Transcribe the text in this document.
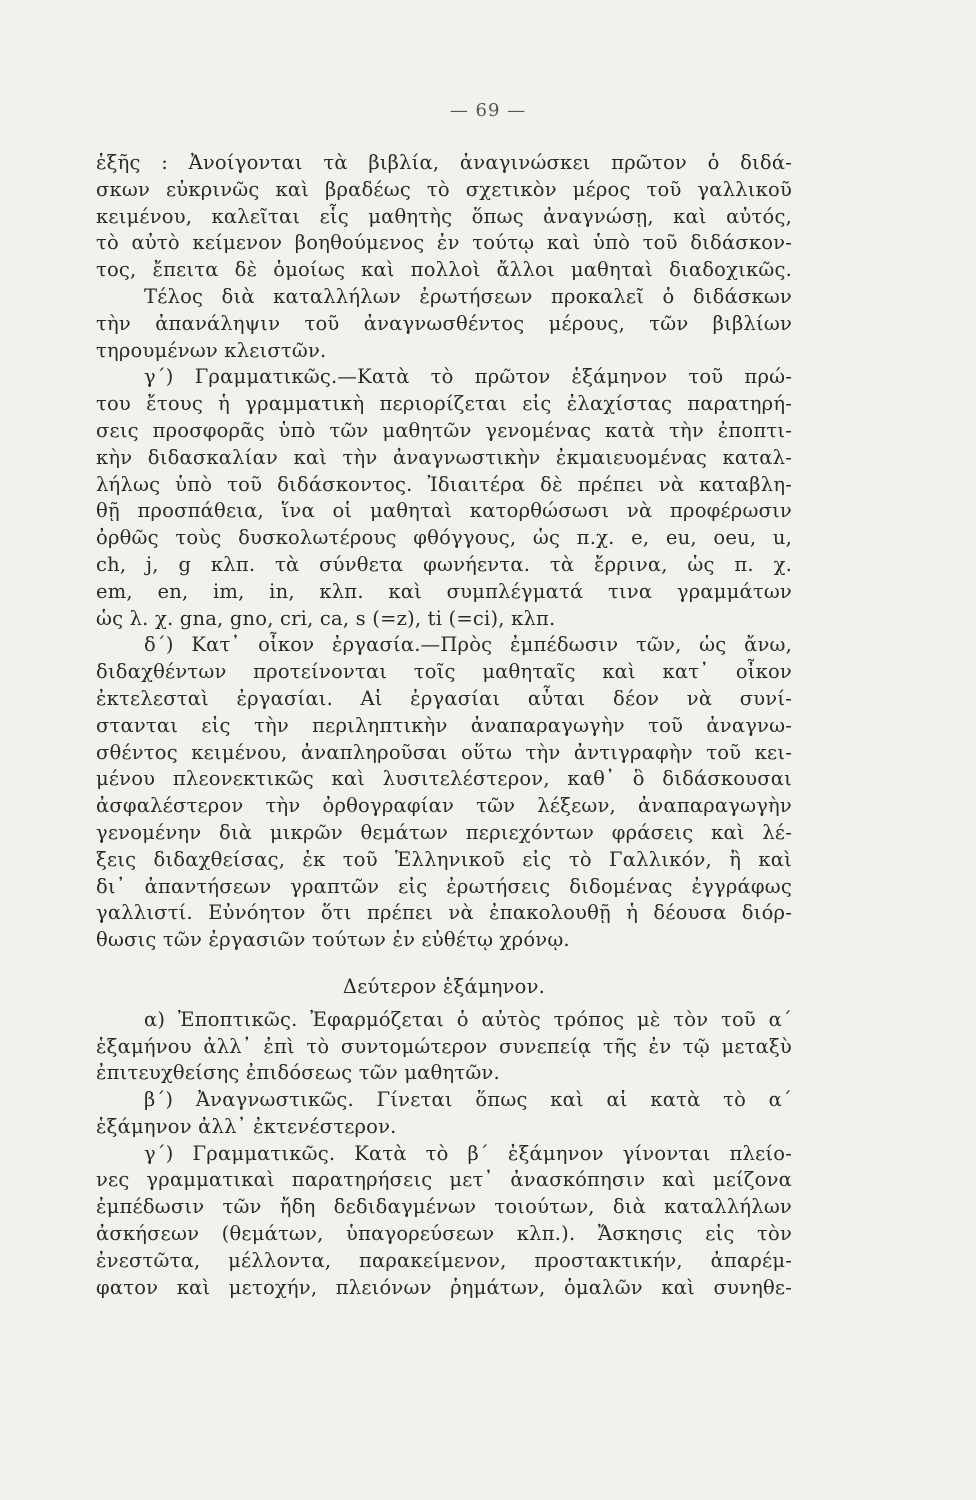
— 69 —
ἑξῆς : Ἀνοίγονται τὰ βιβλία, ἀναγινώσκει πρῶτον ὁ διδά-
σκων εὐκρινῶς καὶ βραδέως τὸ σχετικὸν μέρος τοῦ γαλλικοῦ
κειμένου, καλεῖται εἷς μαθητὴς ὅπως ἀναγνώσῃ, καὶ αὐτός,
τὸ αὐτὸ κείμενον βοηθούμενος ἐν τούτῳ καὶ ὑπὸ τοῦ διδάσκον-
τος, ἔπειτα δὲ ὁμοίως καὶ πολλοὶ ἄλλοι μαθηταὶ διαδοχικῶς.
Τέλος διὰ καταλλήλων ἐρωτήσεων προκαλεῖ ὁ διδάσκων
τὴν ἀπανάληψιν τοῦ ἀναγνωσθέντος μέρους, τῶν βιβλίων
τηρουμένων κλειστῶν.
γ΄) Γραμματικῶς.—Κατὰ τὸ πρῶτον ἑξάμηνον τοῦ πρώ-
του ἔτους ἡ γραμματικὴ περιορίζεται εἰς ἐλαχίστας παρατηρή-
σεις προσφορᾶς ὑπὸ τῶν μαθητῶν γενομένας κατὰ τὴν ἐποπτι-
κὴν διδασκαλίαν καὶ τὴν ἀναγνωστικὴν ἐκμαιευομένας καταλ-
λήλως ὑπὸ τοῦ διδάσκοντος. Ἰδιαιτέρα δὲ πρέπει νὰ καταβλη-
θῇ προσπάθεια, ἵνα οἱ μαθηταὶ κατορθώσωσι νὰ προφέρωσιν
ὀρθῶς τοὺς δυσκολωτέρους φθόγγους, ὡς π.χ. e, eu, oeu, u,
ch, j, g κλπ. τὰ σύνθετα φωνήεντα. τὰ ἔρρινα, ὡς π. χ.
em, en, im, in, κλπ. καὶ συμπλέγματά τινα γραμμάτων
ὡς λ. χ. gna, gno, cri, ca, s (=z), ti (=ci), κλπ.
δ΄) Κατ᾽ οἶκον ἐργασία.—Πρὸς ἐμπέδωσιν τῶν, ὡς ἄνω,
διδαχθέντων προτείνονται τοῖς μαθηταῖς καὶ κατ᾽ οἶκον
ἐκτελεσταὶ ἐργασίαι. Αἱ ἐργασίαι αὗται δέον νὰ συνί-
στανται εἰς τὴν περιληπτικὴν ἀναπαραγωγὴν τοῦ ἀναγνω-
σθέντος κειμένου, ἀναπληροῦσαι οὕτω τὴν ἀντιγραφὴν τοῦ κει-
μένου πλεονεκτικῶς καὶ λυσιτελέστερον, καθ᾽ ὃ διδάσκουσαι
ἀσφαλέστερον τὴν ὀρθογραφίαν τῶν λέξεων, ἀναπαραγωγὴν
γενομένην διὰ μικρῶν θεμάτων περιεχόντων φράσεις καὶ λέ-
ξεις διδαχθείσας, ἐκ τοῦ Ἑλληνικοῦ εἰς τὸ Γαλλικόν, ἢ καὶ
δι᾽ ἀπαντήσεων γραπτῶν εἰς ἐρωτήσεις διδομένας ἐγγράφως
γαλλιστί. Εὐνόητον ὅτι πρέπει νὰ ἐπακολουθῇ ἡ δέουσα διόρ-
θωσις τῶν ἐργασιῶν τούτων ἐν εὐθέτῳ χρόνῳ.
Δεύτερον ἑξάμηνον.
α) Ἐποπτικῶς. Ἐφαρμόζεται ὁ αὐτὸς τρόπος μὲ τὸν τοῦ α΄
ἑξαμήνου ἀλλ᾽ ἐπὶ τὸ συντομώτερον συνεπείᾳ τῆς ἐν τῷ μεταξὺ
ἐπιτευχθείσης ἐπιδόσεως τῶν μαθητῶν.
β΄) Ἀναγνωστικῶς. Γίνεται ὅπως καὶ αἱ κατὰ τὸ α΄
ἑξάμηνον ἀλλ᾽ ἐκτενέστερον.
γ΄) Γραμματικῶς. Κατὰ τὸ β΄ ἑξάμηνον γίνονται πλείο-
νες γραμματικαὶ παρατηρήσεις μετ᾽ ἀνασκόπησιν καὶ μείζονα
ἐμπέδωσιν τῶν ἤδη δεδιδαγμένων τοιούτων, διὰ καταλλήλων
ἀσκήσεων (θεμάτων, ὑπαγορεύσεων κλπ.). Ἄσκησις εἰς τὸν
ἐνεστῶτα, μέλλοντα, παρακείμενον, προστακτικήν, ἀπαρέμ-
φατον καὶ μετοχήν, πλειόνων ῥημάτων, ὁμαλῶν καὶ συνηθε-
